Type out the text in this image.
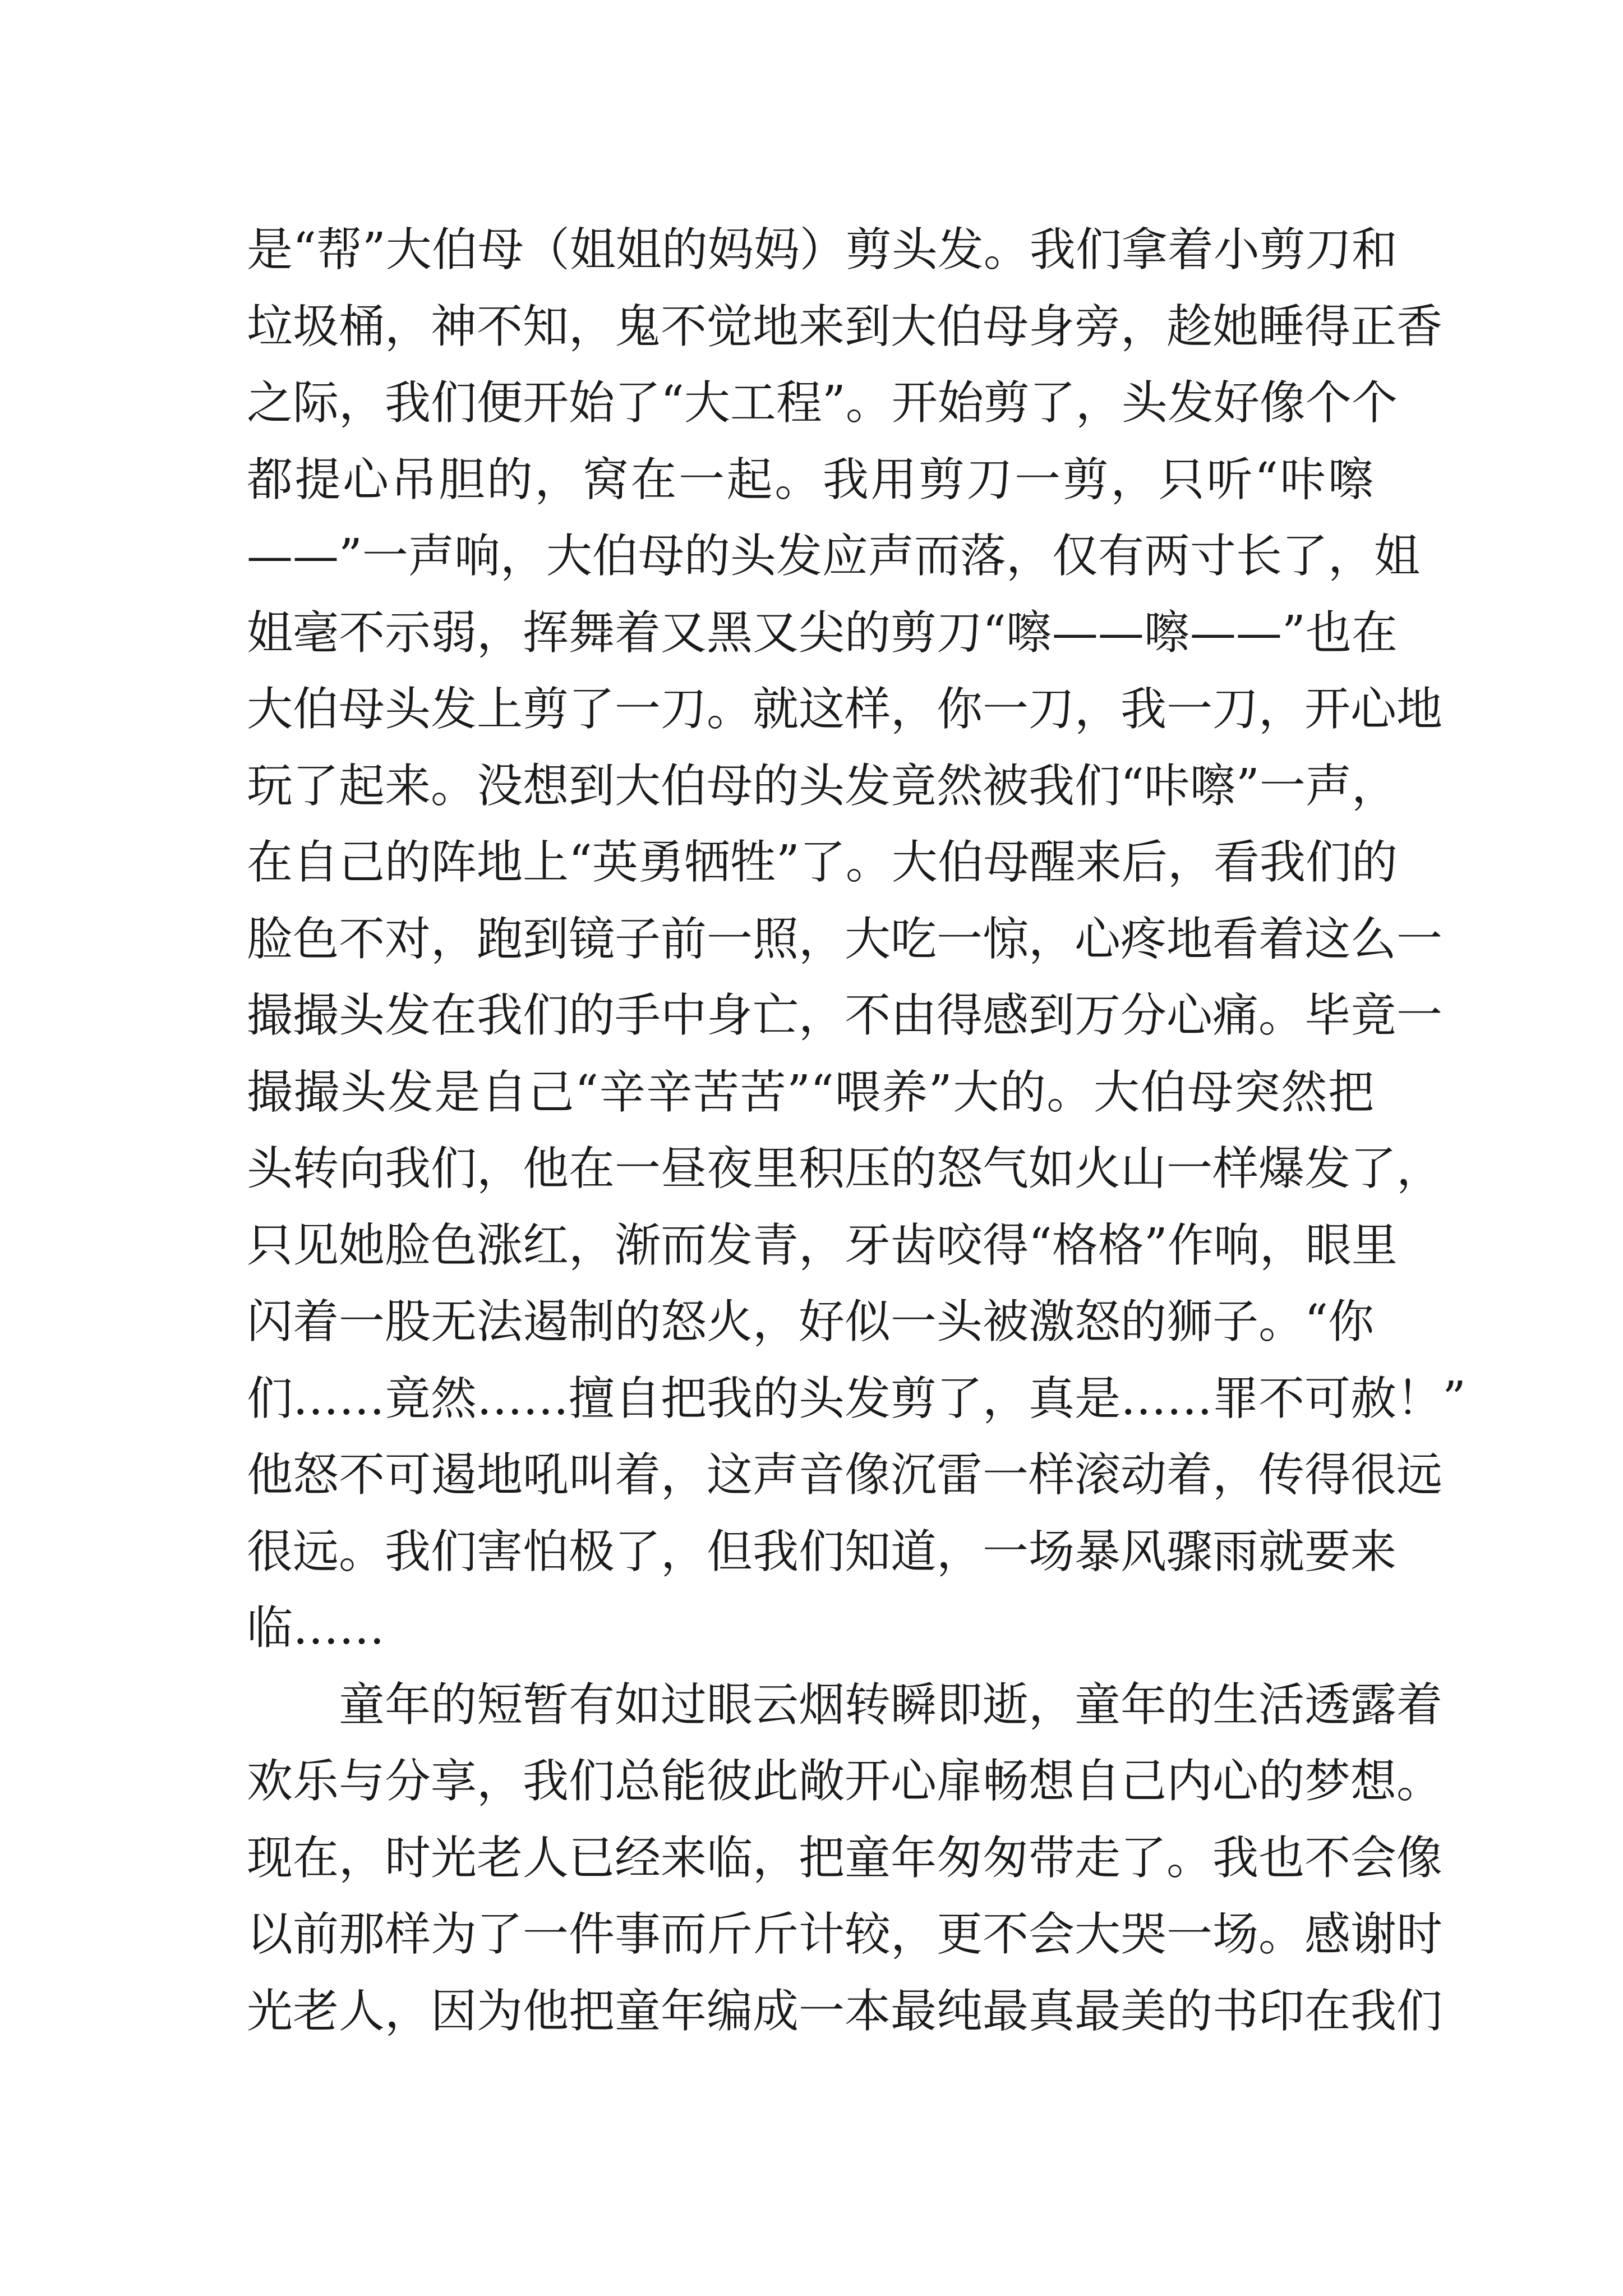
是“帮”大伯母（姐姐的妈妈）剪头发。我们拿着小剪刀和
垃圾桶，神不知，鬼不觉地来到大伯母身旁，趁她睡得正香
之际，我们便开始了“大工程”。开始剪了，头发好像个个
都提心吊胆的，窝在一起。我用剪刀一剪，只听“咔嚓
——”一声响，大伯母的头发应声而落，仅有两寸长了，姐
姐毫不示弱，挥舞着又黑又尖的剪刀“嚓——嚓——”也在
大伯母头发上剪了一刀。就这样，你一刀，我一刀，开心地
玩了起来。没想到大伯母的头发竟然被我们“咔嚓”一声，
在自己的阵地上“英勇牺牲”了。大伯母醒来后，看我们的
脸色不对，跑到镜子前一照，大吃一惊，心疼地看着这么一
撮撮头发在我们的手中身亡，不由得感到万分心痛。毕竟一
撮撮头发是自己“辛辛苦苦”“喂养”大的。大伯母突然把
头转向我们，他在一昼夜里积压的怒气如火山一样爆发了，
只见她脸色涨红，渐而发青，牙齿咬得“格格”作响，眼里
闪着一股无法遏制的怒火，好似一头被激怒的狮子。“你
们……竟然……擅自把我的头发剪了，真是……罪不可赦！”
他怒不可遏地吼叫着，这声音像沉雷一样滚动着，传得很远
很远。我们害怕极了，但我们知道，一场暴风骤雨就要来
临……
童年的短暂有如过眼云烟转瞬即逝，童年的生活透露着
欢乐与分享，我们总能彼此敞开心扉畅想自己内心的梦想。
现在，时光老人已经来临，把童年匆匆带走了。我也不会像
以前那样为了一件事而斤斤计较，更不会大哭一场。感谢时
光老人，因为他把童年编成一本最纯最真最美的书印在我们
